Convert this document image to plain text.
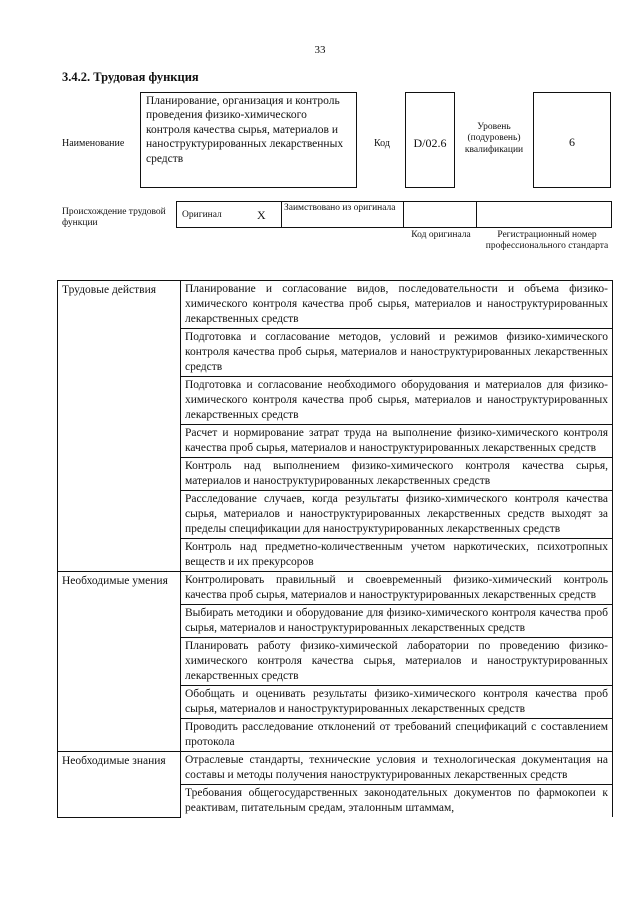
33
3.4.2. Трудовая функция
Наименование
Планирование, организация и контроль проведения физико-химического контроля качества сырья, материалов и наноструктурированных лекарственных средств
Код	D/02.6
Уровень (подуровень) квалификации
6
Происхождение трудовой функции
Оригинал	X Заимствовано из оригинала
Код оригинала	Регистрационный номер профессионального стандарта
Трудовые действия	Планирование и согласование видов, последовательности и объема физико-химического контроля качества проб сырья, материалов и наноструктурированных лекарственных средств
	Подготовка и согласование методов, условий и режимов физико-химического контроля качества проб сырья, материалов и наноструктурированных лекарственных средств
	Подготовка и согласование необходимого оборудования и материалов для физико-химического контроля качества проб сырья, материалов и наноструктурированных лекарственных средств
	Расчет и нормирование затрат труда на выполнение физико-химического контроля качества проб сырья, материалов и наноструктурированных лекарственных средств
	Контроль над выполнением физико-химического контроля качества сырья, материалов и наноструктурированных лекарственных средств
	Расследование случаев, когда результаты физико-химического контроля качества сырья, материалов и наноструктурированных лекарственных средств выходят за пределы спецификации для наноструктурированных лекарственных средств
	Контроль над предметно-количественным учетом наркотических, психотропных веществ и их прекурсоров
Необходимые умения	Контролировать правильный и своевременный физико-химический контроль качества проб сырья, материалов и наноструктурированных лекарственных средств
	Выбирать методики и оборудование для физико-химического контроля качества проб сырья, материалов и наноструктурированных лекарственных средств
	Планировать работу физико-химической лаборатории по проведению физико-химического контроля качества сырья, материалов и наноструктурированных лекарственных средств
	Обобщать и оценивать результаты физико-химического контроля качества проб сырья, материалов и наноструктурированных лекарственных средств
	Проводить расследование отклонений от требований спецификаций с составлением протокола
Необходимые знания	Отраслевые стандарты, технические условия и технологическая документация на составы и методы получения наноструктурированных лекарственных средств
	Требования общегосударственных законодательных документов по фармокопеи к реактивам, питательным средам, эталонным штаммам,
